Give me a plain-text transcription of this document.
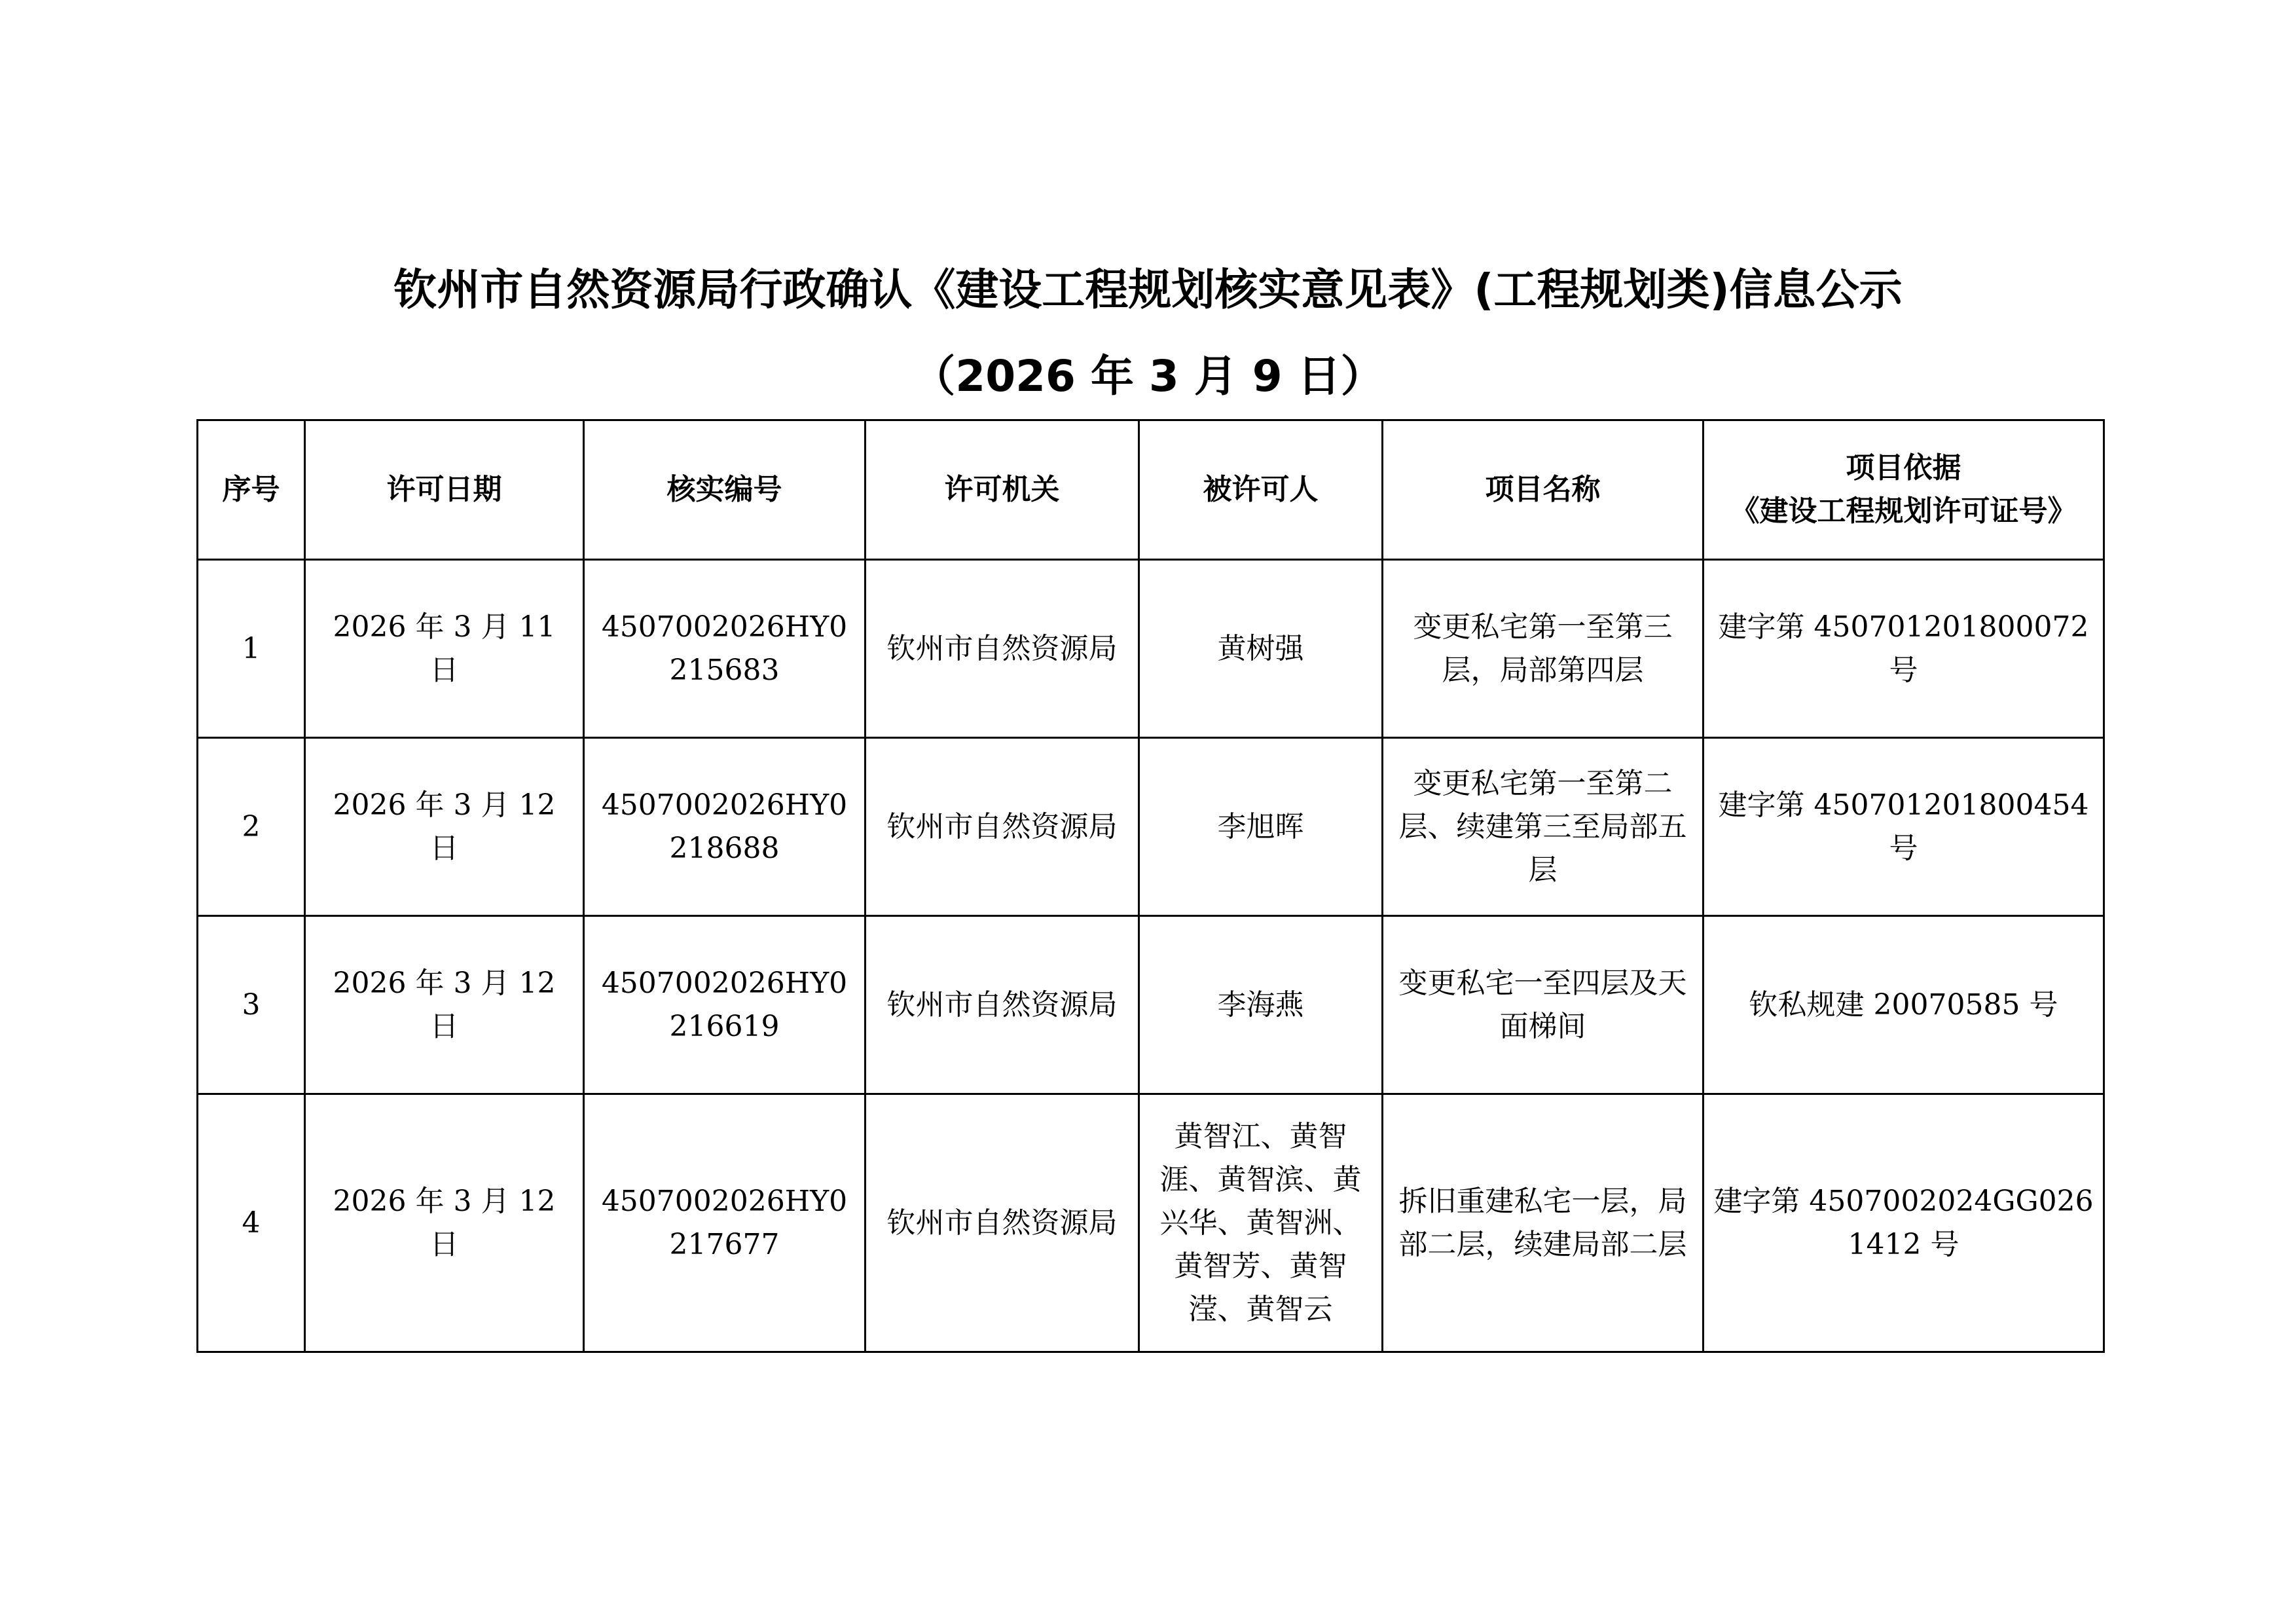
钦州市自然资源局行政确认《建设工程规划核实意见表》(工程规划类)信息公示
（2026 年 3 月 9 日）
序号	许可日期	核实编号	许可机关	被许可人	项目名称	项目依据
《建设工程规划许可证号》

1	2026 年 3 月 11 日	4507002026HY0215683	钦州市自然资源局	黄树强	变更私宅第一至第三层，局部第四层	建字第 450701201800072 号
2	2026 年 3 月 12 日	4507002026HY0218688	钦州市自然资源局	李旭晖	变更私宅第一至第二层、续建第三至局部五层	建字第 450701201800454 号
3	2026 年 3 月 12 日	4507002026HY0216619	钦州市自然资源局	李海燕	变更私宅一至四层及天面梯间	钦私规建 20070585 号
4	2026 年 3 月 12 日	4507002026HY0217677	钦州市自然资源局	黄智江、黄智涯、黄智滨、黄兴华、黄智洲、黄智芳、黄智滢、黄智云	拆旧重建私宅一层，局部二层，续建局部二层	建字第 4507002024GG0261412 号
